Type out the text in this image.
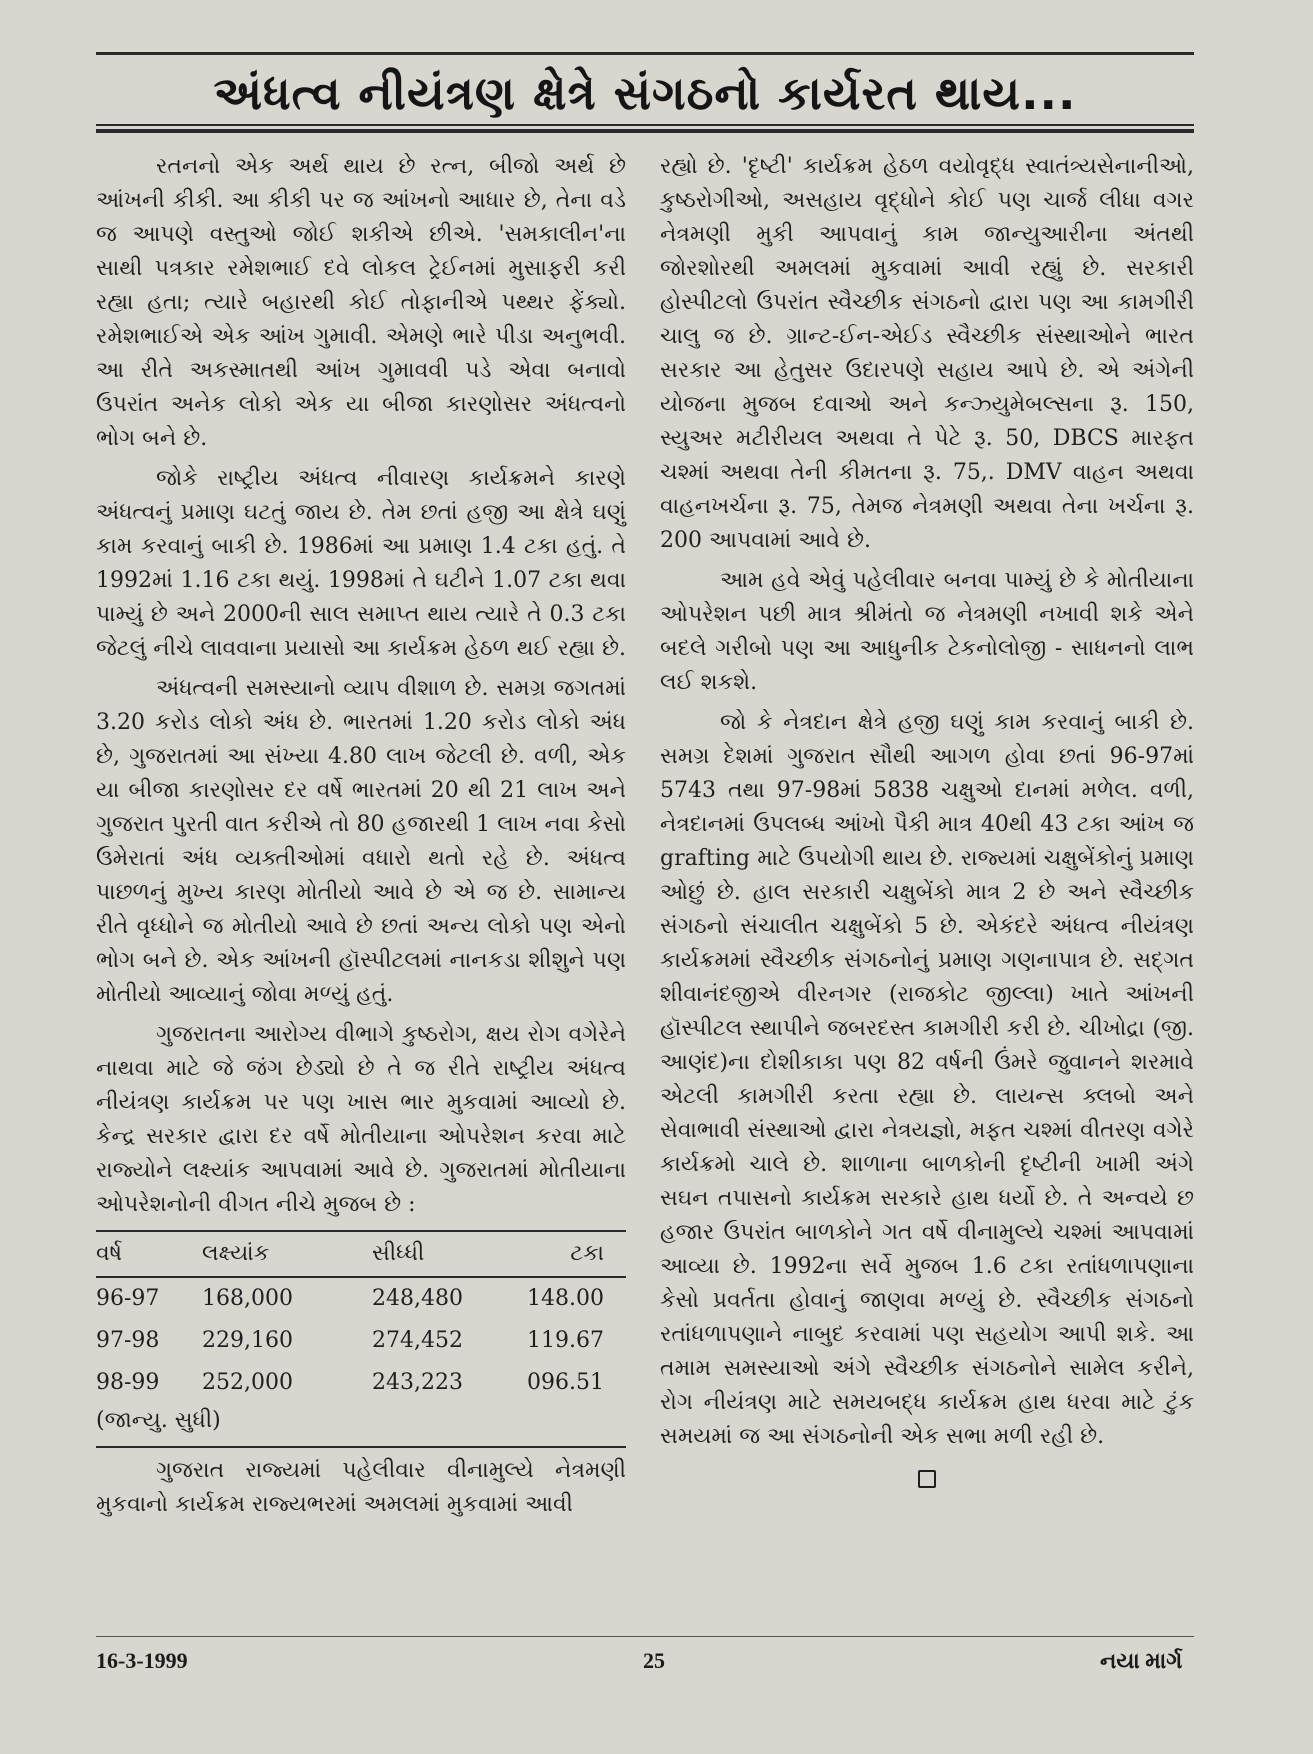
અંધત્વ નીયંત્રણ ક્ષેત્રે સંગઠનો કાર્યરત થાય...

રતનનો એક અર્થ થાય છે રત્ન, બીજો અર્થ છે આંખની કીકી. આ કીકી પર જ આંખનો આધાર છે, તેના વડે જ આપણે વસ્તુઓ જોઈ શકીએ છીએ. 'સમકાલીન'ના સાથી પત્રકાર રમેશભાઈ દવે લોકલ ટ્રેઈનમાં મુસાફરી કરી રહ્યા હતા; ત્યારે બહારથી કોઈ તોફાનીએ પથ્થર ફેંક્યો. રમેશભાઈએ એક આંખ ગુમાવી. એમણે ભારે પીડા અનુભવી. આ રીતે અકસ્માતથી આંખ ગુમાવવી પડે એવા બનાવો ઉપરાંત અનેક લોકો એક યા બીજા કારણોસર અંધત્વનો ભોગ બને છે.

જોકે રાષ્ટ્રીય અંધત્વ નીવારણ કાર્યક્રમને કારણે અંધત્વનું પ્રમાણ ઘટતું જાય છે. તેમ છતાં હજી આ ક્ષેત્રે ઘણું કામ કરવાનું બાકી છે. 1986માં આ પ્રમાણ 1.4 ટકા હતું. તે 1992માં 1.16 ટકા થયું. 1998માં તે ઘટીને 1.07 ટકા થવા પામ્યું છે અને 2000ની સાલ સમાપ્ત થાય ત્યારે તે 0.3 ટકા જેટલું નીચે લાવવાના પ્રયાસો આ કાર્યક્રમ હેઠળ થઈ રહ્યા છે.

અંધત્વની સમસ્યાનો વ્યાપ વીશાળ છે. સમગ્ર જગતમાં 3.20 કરોડ લોકો અંધ છે. ભારતમાં 1.20 કરોડ લોકો અંધ છે, ગુજરાતમાં આ સંખ્યા 4.80 લાખ જેટલી છે. વળી, એક યા બીજા કારણોસર દર વર્ષે ભારતમાં 20 થી 21 લાખ અને ગુજરાત પુરતી વાત કરીએ તો 80 હજારથી 1 લાખ નવા કેસો ઉમેરાતાં અંધ વ્યક્તીઓમાં વધારો થતો રહે છે. અંધત્વ પાછળનું મુખ્ય કારણ મોતીયો આવે છે એ જ છે. સામાન્ય રીતે વૃધ્ધોને જ મોતીયો આવે છે છતાં અન્ય લોકો પણ એનો ભોગ બને છે. એક આંખની હૉસ્પીટલમાં નાનકડા શીશુને પણ મોતીયો આવ્યાનું જોવા મળ્યું હતું.

ગુજરાતના આરોગ્ય વીભાગે કુષ્ઠરોગ, ક્ષય રોગ વગેરેને નાથવા માટે જે જંગ છેડ્યો છે તે જ રીતે રાષ્ટ્રીય અંધત્વ નીયંત્રણ કાર્યક્રમ પર પણ ખાસ ભાર મુકવામાં આવ્યો છે. કેન્દ્ર સરકાર દ્વારા દર વર્ષે મોતીયાના ઓપરેશન કરવા માટે રાજ્યોને લક્ષ્યાંક આપવામાં આવે છે. ગુજરાતમાં મોતીયાના ઓપરેશનોની વીગત નીચે મુજબ છે :

વર્ષ	લક્ષ્યાંક	સીધ્ધી	ટકા
96-97	168,000	248,480	148.00
97-98	229,160	274,452	119.67
98-99	252,000	243,223	096.51
(જાન્યુ. સુધી)

ગુજરાત રાજ્યમાં પહેલીવાર વીનામુલ્યે નેત્રમણી મુકવાનો કાર્યક્રમ રાજ્યભરમાં અમલમાં મુકવામાં આવી

રહ્યો છે. 'દૃષ્ટી' કાર્યક્રમ હેઠળ વયોવૃદ્ધ સ્વાતંત્ર્યસેનાનીઓ, કુષ્ઠરોગીઓ, અસહાય વૃદ્ધોને કોઈ પણ ચાર્જ લીધા વગર નેત્રમણી મુકી આપવાનું કામ જાન્યુઆરીના અંતથી જોરશોરથી અમલમાં મુકવામાં આવી રહ્યું છે. સરકારી હોસ્પીટલો ઉપરાંત સ્વૈચ્છીક સંગઠનો દ્વારા પણ આ કામગીરી ચાલુ જ છે. ગ્રાન્ટ-ઈન-એઈડ સ્વૈચ્છીક સંસ્થાઓને ભારત સરકાર આ હેતુસર ઉદારપણે સહાય આપે છે. એ અંગેની યોજના મુજબ દવાઓ અને કન્ઝ્યુમેબલ્સના રૂ. 150, સ્યુઅર મટીરીયલ અથવા તે પેટે રૂ. 50, DBCS મારફત ચશ્માં અથવા તેની કીમતના રૂ. 75,. DMV વાહન અથવા વાહનખર્ચના રૂ. 75, તેમજ નેત્રમણી અથવા તેના ખર્ચના રૂ. 200 આપવામાં આવે છે.

આમ હવે એવું પહેલીવાર બનવા પામ્યું છે કે મોતીયાના ઓપરેશન પછી માત્ર શ્રીમંતો જ નેત્રમણી નખાવી શકે એને બદલે ગરીબો પણ આ આધુનીક ટેકનોલોજી - સાધનનો લાભ લઈ શકશે.

જો કે નેત્રદાન ક્ષેત્રે હજી ઘણું કામ કરવાનું બાકી છે. સમગ્ર દેશમાં ગુજરાત સૌથી આગળ હોવા છતાં 96-97માં 5743 તથા 97-98માં 5838 ચક્ષુઓ દાનમાં મળેલ. વળી, નેત્રદાનમાં ઉપલબ્ધ આંખો પૈકી માત્ર 40થી 43 ટકા આંખ જ grafting માટે ઉપયોગી થાય છે. રાજ્યમાં ચક્ષુબેંકોનું પ્રમાણ ઓછું છે. હાલ સરકારી ચક્ષુબેંકો માત્ર 2 છે અને સ્વૈચ્છીક સંગઠનો સંચાલીત ચક્ષુબેંકો 5 છે. એકંદરે અંધત્વ નીયંત્રણ કાર્યક્રમમાં સ્વૈચ્છીક સંગઠનોનું પ્રમાણ ગણનાપાત્ર છે. સદ્ગત શીવાનંદજીએ વીરનગર (રાજકોટ જીલ્લા) ખાતે આંખની હૉસ્પીટલ સ્થાપીને જબરદસ્ત કામગીરી કરી છે. ચીખોદ્રા (જી. આણંદ)ના દોશીકાકા પણ 82 વર્ષની ઉંમરે જુવાનને શરમાવે એટલી કામગીરી કરતા રહ્યા છે. લાયન્સ ક્લબો અને સેવાભાવી સંસ્થાઓ દ્વારા નેત્રયજ્ઞો, મફત ચશ્માં વીતરણ વગેરે કાર્યક્રમો ચાલે છે. શાળાના બાળકોની દૃષ્ટીની ખામી અંગે સઘન તપાસનો કાર્યક્રમ સરકારે હાથ ધર્યો છે. તે અન્વયે છ હજાર ઉપરાંત બાળકોને ગત વર્ષે વીનામુલ્યે ચશ્માં આપવામાં આવ્યા છે. 1992ના સર્વે મુજબ 1.6 ટકા રતાંધળાપણાના કેસો પ્રવર્તતા હોવાનું જાણવા મળ્યું છે. સ્વૈચ્છીક સંગઠનો રતાંધળાપણાને નાબુદ કરવામાં પણ સહયોગ આપી શકે. આ તમામ સમસ્યાઓ અંગે સ્વૈચ્છીક સંગઠનોને સામેલ કરીને, રોગ નીયંત્રણ માટે સમયબદ્ધ કાર્યક્રમ હાથ ધરવા માટે ટુંક સમયમાં જ આ સંગઠનોની એક સભા મળી રહી છે.

16-3-1999	25	નયા માર્ગ
